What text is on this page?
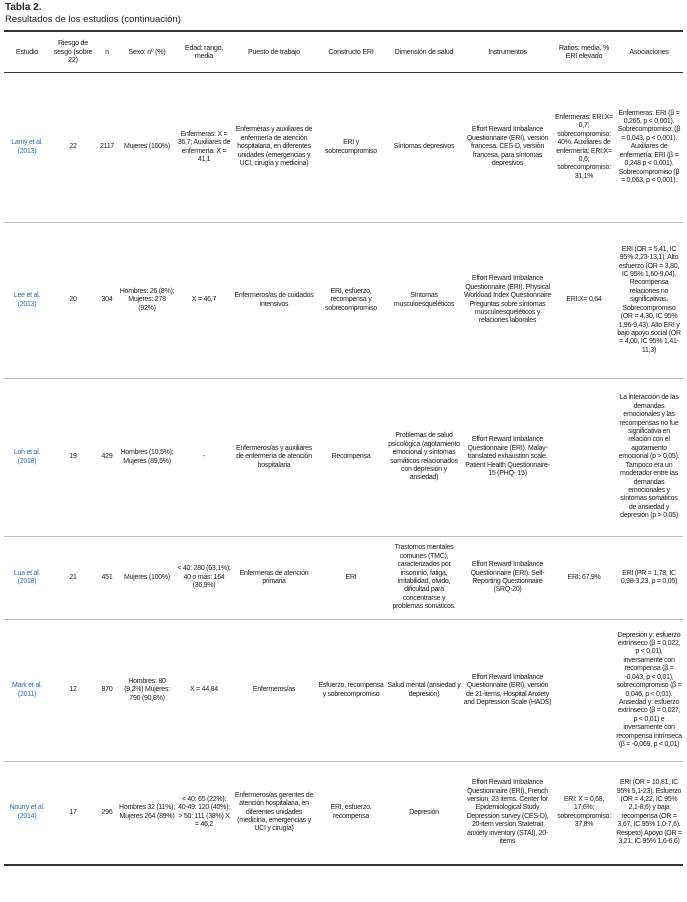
Tabla 2.
Resultados de los estudios (continuación)
Estudio	Riesgo de sesgo (sobre 22)	n	Sexo: nº (%)	Edad: rango, media	Puesto de trabajo	Constructo ERI	Dimensión de salud	Instrumentos	Ratios: media, % ERI elevado	Asociaciones
Lamy et al. (2013)	22	2117	Mujeres (100%)	Enfermeras: X = 36,7; Auxiliares de enfermería: X = 41,1	Enfermeras y auxiliares de enfermería de atención hospitalaria, en diferentes unidades (emergencias y UCI, cirugía y medicina)	ERI y sobrecompromiso	Síntomas depresivos	Effort Reward Imbalance Questionnaire (ERI), versión francesa. CES-D, versión francesa, para síntomas depresivos	Enfermeras: ERI:X= 0,7; sobrecompromiso: 40%. Auxiliares de enfermería: ERI:X= 0,6; sobrecompromiso: 31,1%	Enfermeras: ERI (β = 0,265, p < 0,001). Sobrecompromiso: (β = 0,043, p < 0,001). Auxiliares de enfermería: ERI (β = 0,248 p < 0,001). Sobrecompromiso (β = 0,063, p < 0,001).
Lee et al. (2013)	20	304	Hombres: 26 (8%); Mujeres: 278 (92%)	X = 46,7	Enfermeros/as de cuidados intensivos	ERI, esfuerzo, recompensa y sobrecompromiso	Síntomas musculoesqueléticos	Effort Reward Imbalance Questionnaire (ERI). Physical Workload Index Questionnaire Preguntas sobre síntomas musculoesqueléticos y relaciones laborales	ERI:X= 0,64	ERI (OR = 5,41, IC 95% 2,23-13,1). Alto esfuerzo (OR = 3,80, IC 95% 1,60-9,04). Recompensa relaciones no significativas. Sobrecompromiso (OR = 4,30, IC 95% 1,96-9,43). Alto ERI y bajo apoyo social (OR = 4,00, IC 95% 1,41-11,3)
Loh et al. (2018)	19	429	Hombres (10,5%); Mujeres (89,5%)	-	Enfermeros/as y auxiliares de enfermería de atención hospitalaria	Recompensa	Problemas de salud psicológica (agotamiento emocional y síntomas somáticos relacionados con depresión y ansiedad)	Effort Reward Imbalance Questionnaire (ERI). Malay-translated exhaustion scale. Patient Health Questionnaire- 15 (PHQ- 15)		La interacción de las demandas emocionales y las recompensas no fue significativa en relación con el agotamiento emocional (p > 0,05). Tampoco era un moderador entre las demandas emocionales y síntomas somáticos de ansiedad y depresión (p > 0,05)
Lua et al. (2018)	21	451	Mujeres (100%)	< 40: 280 (63,1%); 40 o más: 164 (36,9%)	Enfermeras de atención primaria	ERI	Trastornos mentales comunes (TMC), caracterizados por insomnio, fatiga, irritabilidad, olvido, dificultad para concentrarse y problemas somáticos.	Effort Reward Imbalance Questionnaire (ERI). Self-Reporting Questionnaire (SRQ-20)	ERI: 67,9%	ERI (PR = 1,78, IC 0,98-3,23, p = 0,05)
Mark et al. (2011)	12	870	Hombres: 80 (9,2%) Mujeres: 790 (90,8%)	X = 44,84	Enfermeros/as	Esfuerzo, recompensa y sobrecompromiso	Salud mental (ansiedad y depresión)	Effort Reward Imbalance Questionnaire (ERI), versión de 21-items, Hospital Anxiety and Depression Scale (HADS)		Depresión y: esfuerzo extrínseco (β = 0,022, p < 0,01), inversamente con recompensa (β = -0,043, p < 0,01), sobrecompromiso (β = 0,046, p < 0,01). Ansiedad y: esfuerzo extrínseco (β = 0,027, p < 0,01) e inversamente con recompensa intrínseca (β = -0,069, p < 0,01)
Nourry et al. (2014)	17	296	Hombres 32 (11%); Mujeres 264 (89%)	< 40: 65 (22%); 40-49: 120 (40%); > 50: 111 (38%) X = 46,2	Enfermeros/as gerentes de atención hospitalaria, en diferentes unidades (medicina, emergencias y UCI y cirugía)	ERI, esfuerzo, recompensa	Depresión	Effort Reward Imbalance Questionnaire (ERI), French version, 23 items. Center for Epidemiological Study Depression survey (CES-D), 20-item version Statetrait anxiety inventory (STAI), 20-items	ERI: X = 0,68, 17,6%; sobrecompromiso: 37,8%	ERI (OR = 10,81, IC 95% 5,1-23). Esfuerzo (OR = 4,22, IC 95% 2,1-8,6) y baja recompensa (OR = 3,67, IC 95% 1,0-7,6). Respeto) Apoyo (OR = 3,21, IC 95% 1,6-6,6)
